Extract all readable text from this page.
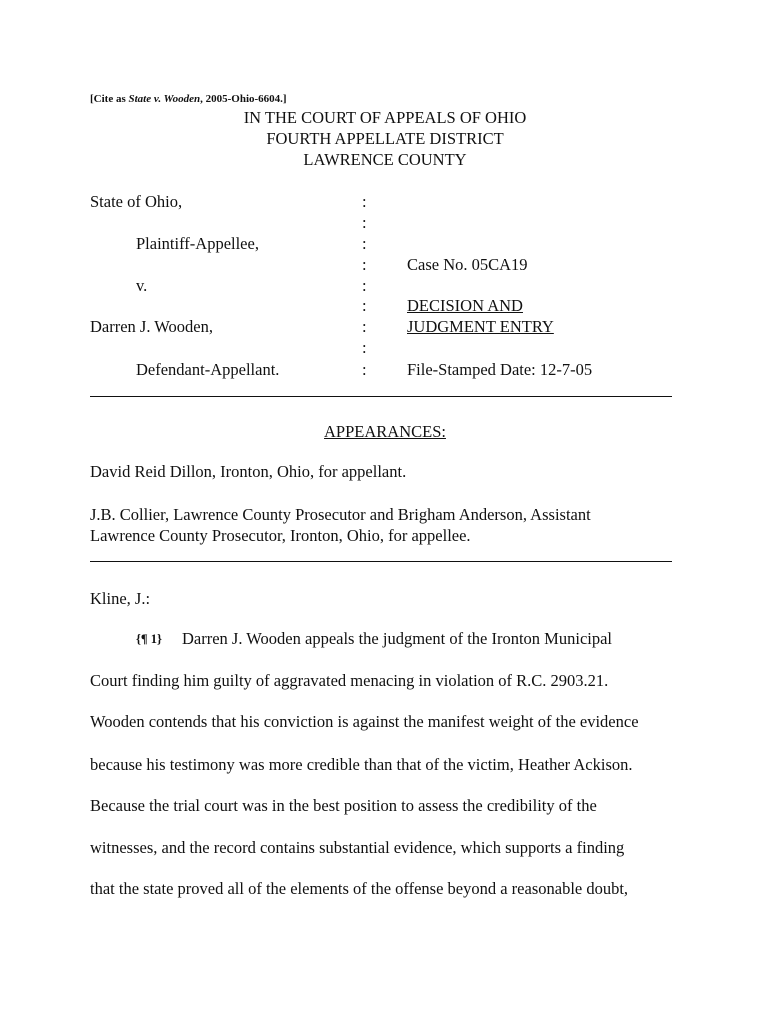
[Cite as State v. Wooden, 2005-Ohio-6604.]
IN THE COURT OF APPEALS OF OHIO
FOURTH APPELLATE DISTRICT
LAWRENCE COUNTY
State of Ohio,
Plaintiff-Appellee,
v.
Darren J. Wooden,
Defendant-Appellant.
:
:
:
:
:
:
:
:
:
Case No. 05CA19
DECISION AND
JUDGMENT ENTRY
File-Stamped Date: 12-7-05
APPEARANCES:
David Reid Dillon, Ironton, Ohio, for appellant.
J.B. Collier, Lawrence County Prosecutor and Brigham Anderson, Assistant
Lawrence County Prosecutor, Ironton, Ohio, for appellee.
Kline, J.:
{¶ 1} Darren J. Wooden appeals the judgment of the Ironton Municipal
Court finding him guilty of aggravated menacing in violation of R.C. 2903.21.
Wooden contends that his conviction is against the manifest weight of the evidence
because his testimony was more credible than that of the victim, Heather Ackison.
Because the trial court was in the best position to assess the credibility of the
witnesses, and the record contains substantial evidence, which supports a finding
that the state proved all of the elements of the offense beyond a reasonable doubt,
